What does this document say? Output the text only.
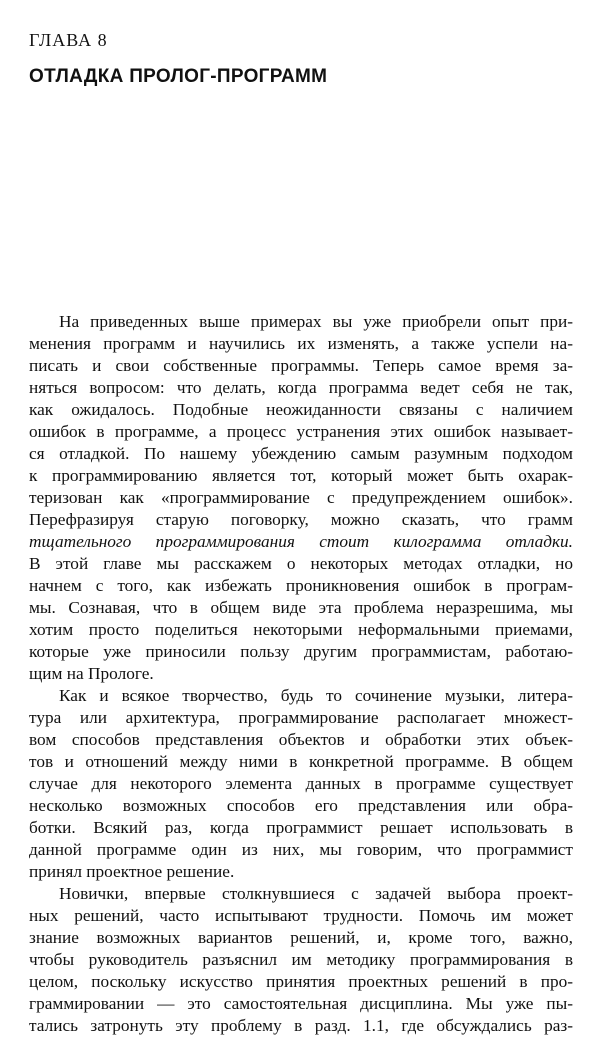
ГЛАВА 8
ОТЛАДКА ПРОЛОГ-ПРОГРАММ
На приведенных выше примерах вы уже приобрели опыт при-
менения программ и научились их изменять, а также успели на-
писать и свои собственные программы. Теперь самое время за-
няться вопросом: что делать, когда программа ведет себя не так,
как ожидалось. Подобные неожиданности связаны с наличием
ошибок в программе, а процесс устранения этих ошибок называет-
ся отладкой. По нашему убеждению самым разумным подходом
к программированию является тот, который может быть охарак-
теризован как «программирование с предупреждением ошибок».
Перефразируя старую поговорку, можно сказать, что грамм
тщательного программирования стоит килограмма отладки.
В этой главе мы расскажем о некоторых методах отладки, но
начнем с того, как избежать проникновения ошибок в програм-
мы. Сознавая, что в общем виде эта проблема неразрешима, мы
хотим просто поделиться некоторыми неформальными приемами,
которые уже приносили пользу другим программистам, работаю-
щим на Прологе.
Как и всякое творчество, будь то сочинение музыки, литера-
тура или архитектура, программирование располагает множест-
вом способов представления объектов и обработки этих объек-
тов и отношений между ними в конкретной программе. В общем
случае для некоторого элемента данных в программе существует
несколько возможных способов его представления или обра-
ботки. Всякий раз, когда программист решает использовать в
данной программе один из них, мы говорим, что программист
принял проектное решение.
Новички, впервые столкнувшиеся с задачей выбора проект-
ных решений, часто испытывают трудности. Помочь им может
знание возможных вариантов решений, и, кроме того, важно,
чтобы руководитель разъяснил им методику программирования в
целом, поскольку искусство принятия проектных решений в про-
граммировании — это самостоятельная дисциплина. Мы уже пы-
тались затронуть эту проблему в разд. 1.1, где обсуждались раз-
